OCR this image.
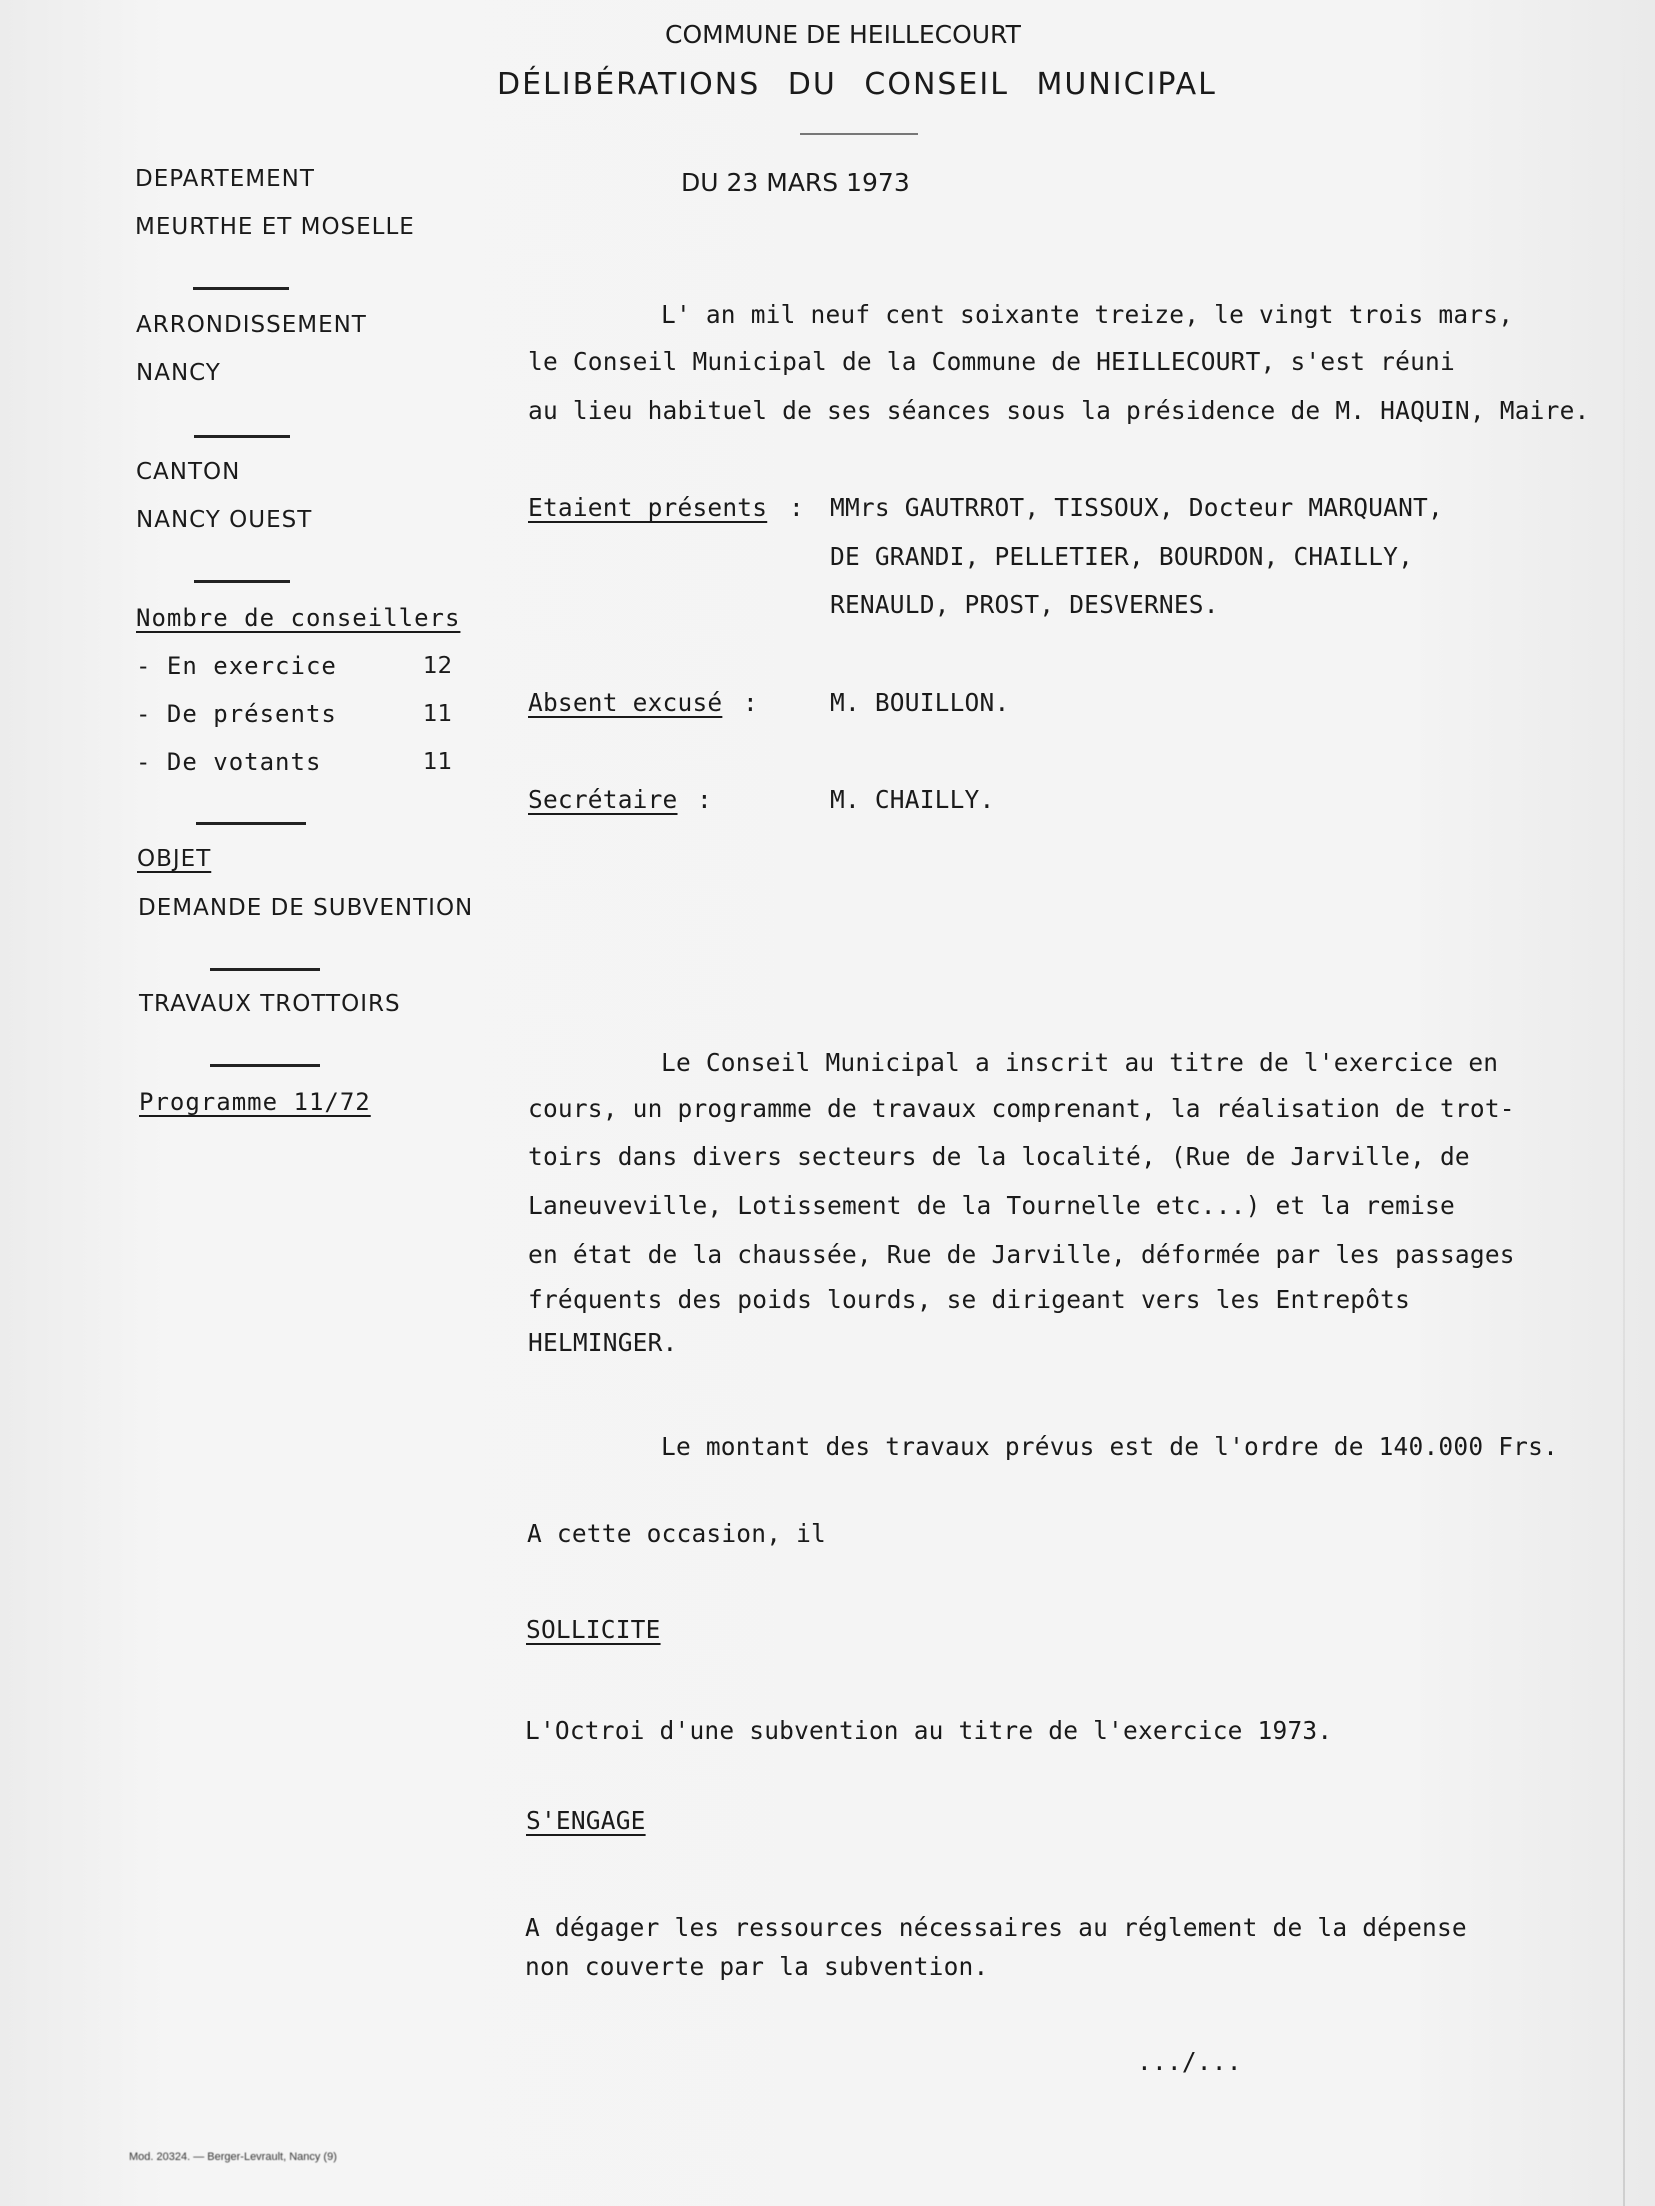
COMMUNE DE HEILLECOURT
DÉLIBÉRATIONS DU CONSEIL MUNICIPAL
DU 23 MARS 1973
DEPARTEMENT
MEURTHE ET MOSELLE
ARRONDISSEMENT
NANCY
CANTON
NANCY OUEST
Nombre de conseillers
- En exercice	12
- De présents	11
- De votants	11
OBJET
DEMANDE DE SUBVENTION
TRAVAUX TROTTOIRS
Programme 11/72
L' an mil neuf cent soixante treize, le vingt trois mars,
le Conseil Municipal de la Commune de HEILLECOURT, s'est réuni
au lieu habituel de ses séances sous la présidence de M. HAQUIN, Maire.
Etaient présents : MMrs GAUTRROT, TISSOUX, Docteur MARQUANT,
DE GRANDI, PELLETIER, BOURDON, CHAILLY,
RENAULD, PROST, DESVERNES.
Absent excusé :	M. BOUILLON.
Secrétaire :	M. CHAILLY.
Le Conseil Municipal a inscrit au titre de l'exercice en
cours, un programme de travaux comprenant, la réalisation de trot-
toirs dans divers secteurs de la localité, (Rue de Jarville, de
Laneuveville, Lotissement de la Tournelle etc...) et la remise
en état de la chaussée, Rue de Jarville, déformée par les passages
fréquents des poids lourds, se dirigeant vers les Entrepôts
HELMINGER.
Le montant des travaux prévus est de l'ordre de 140.000 Frs.
A cette occasion, il
SOLLICITE
L'Octroi d'une subvention au titre de l'exercice 1973.
S'ENGAGE
A dégager les ressources nécessaires au réglement de la dépense
non couverte par la subvention.
.../...
Mod. 20324. — Berger-Levrault, Nancy (9)
